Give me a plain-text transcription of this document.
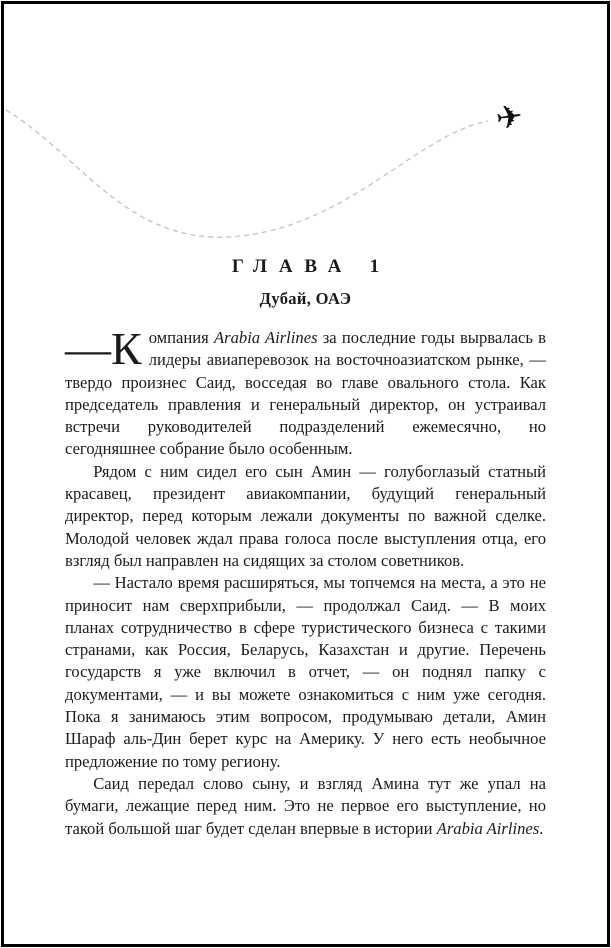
✈
ГЛАВА 1
Дубай, ОАЭ

—К омпания Arabia Airlines за последние годы вырвалась в лидеры авиаперевозок на восточноазиатском рынке, — твердо произнес Саид, восседая во главе овального стола. Как председатель правления и генеральный директор, он устраивал встречи руководителей подразделений ежемесячно, но сегодняшнее собрание было особенным.

Рядом с ним сидел его сын Амин — голубоглазый статный красавец, президент авиакомпании, будущий генеральный директор, перед которым лежали документы по важной сделке. Молодой человек ждал права голоса после выступления отца, его взгляд был направлен на сидящих за столом советников.

— Настало время расширяться, мы топчемся на места, а это не приносит нам сверхприбыли, — продолжал Саид. — В моих планах сотрудничество в сфере туристического бизнеса с такими странами, как Россия, Беларусь, Казахстан и другие. Перечень государств я уже включил в отчет, — он поднял папку с документами, — и вы можете ознакомиться с ним уже сегодня. Пока я занимаюсь этим вопросом, продумываю детали, Амин Шараф аль-Дин берет курс на Америку. У него есть необычное предложение по тому региону.

Саид передал слово сыну, и взгляд Амина тут же упал на бумаги, лежащие перед ним. Это не первое его выступление, но такой большой шаг будет сделан впервые в истории Arabia Airlines.
